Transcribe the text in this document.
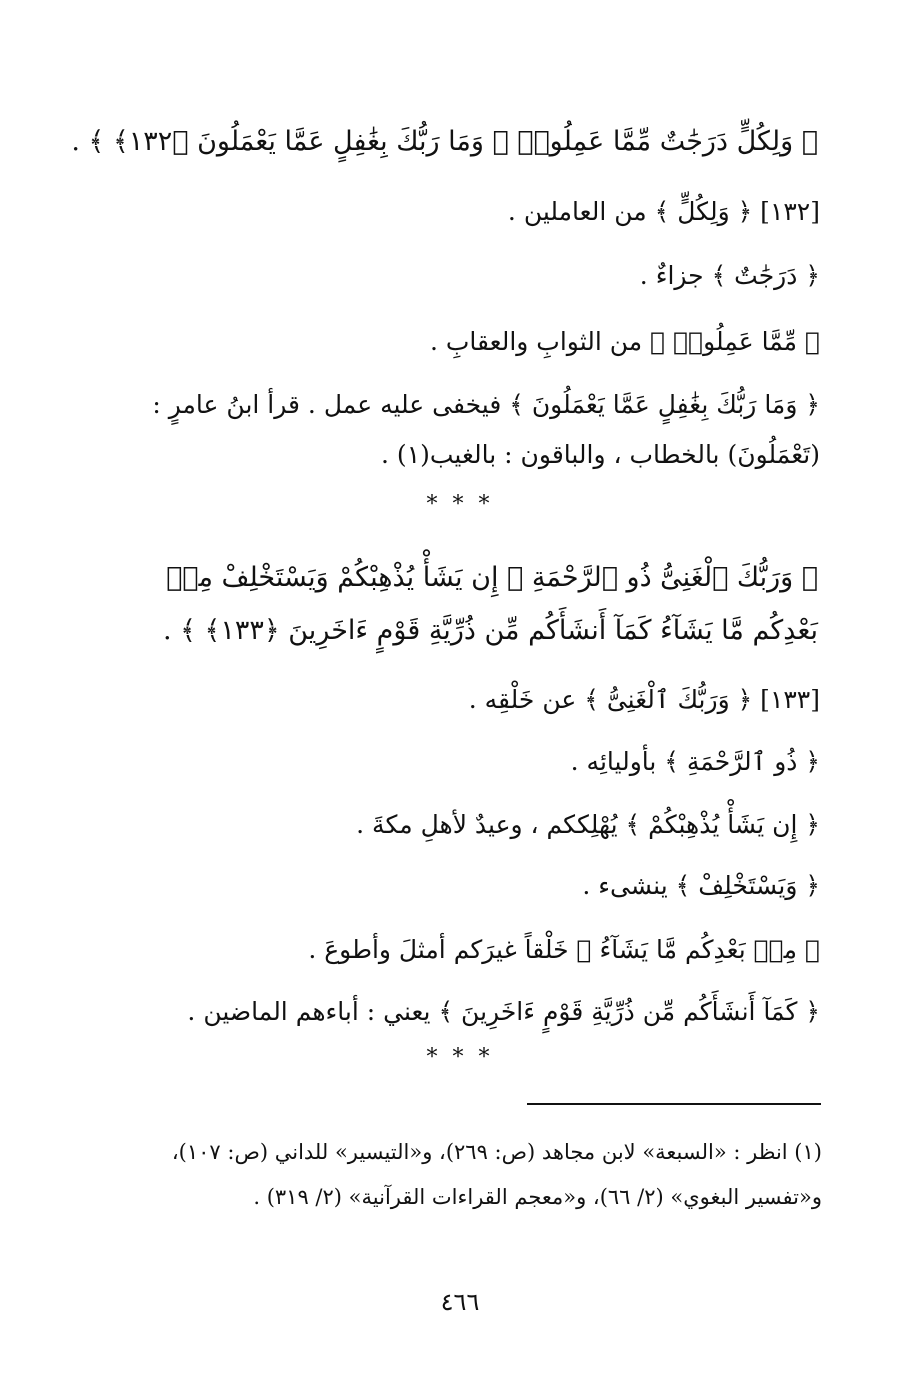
﴿ وَلِكُلٍّ دَرَجَٰتٌ مِّمَّا عَمِلُوا۟ ۚ وَمَا رَبُّكَ بِغَٰفِلٍ عَمَّا يَعْمَلُونَ ﴿١٣٢﴾ ﴾ .
[١٣٢] ﴿ وَلِكُلٍّ ﴾ من العاملين .
﴿ دَرَجَٰتٌ ﴾ جزاءٌ .
﴿ مِّمَّا عَمِلُوا۟ ﴾ من الثوابِ والعقابِ .
﴿ وَمَا رَبُّكَ بِغَٰفِلٍ عَمَّا يَعْمَلُونَ ﴾ فيخفى عليه عمل . قرأ ابنُ عامرٍ :
(تَعْمَلُونَ) بالخطاب ، والباقون : بالغيب(١) .
* * *
﴿ وَرَبُّكَ ٱلْغَنِىُّ ذُو ٱلرَّحْمَةِ ۚ إِن يَشَأْ يُذْهِبْكُمْ وَيَسْتَخْلِفْ مِنۢ
بَعْدِكُم مَّا يَشَآءُ كَمَآ أَنشَأَكُم مِّن ذُرِّيَّةِ قَوْمٍ ءَاخَرِينَ ﴿١٣٣﴾ ﴾ .
[١٣٣] ﴿ وَرَبُّكَ ٱلْغَنِىُّ ﴾ عن خَلْقِه .
﴿ ذُو ٱلرَّحْمَةِ ﴾ بأوليائِه .
﴿ إِن يَشَأْ يُذْهِبْكُمْ ﴾ يُهْلِككم ، وعيدٌ لأهلِ مكةَ .
﴿ وَيَسْتَخْلِفْ ﴾ ينشىء .
﴿ مِنۢ بَعْدِكُم مَّا يَشَآءُ ﴾ خَلْقاً غيرَكم أمثلَ وأطوعَ .
﴿ كَمَآ أَنشَأَكُم مِّن ذُرِّيَّةِ قَوْمٍ ءَاخَرِينَ ﴾ يعني : أباءهم الماضين .
* * *
(١) انظر : «السبعة» لابن مجاهد (ص: ٢٦٩)، و«التيسير» للداني (ص: ١٠٧)،
و«تفسير البغوي» (٢/ ٦٦)، و«معجم القراءات القرآنية» (٢/ ٣١٩) .
٤٦٦
